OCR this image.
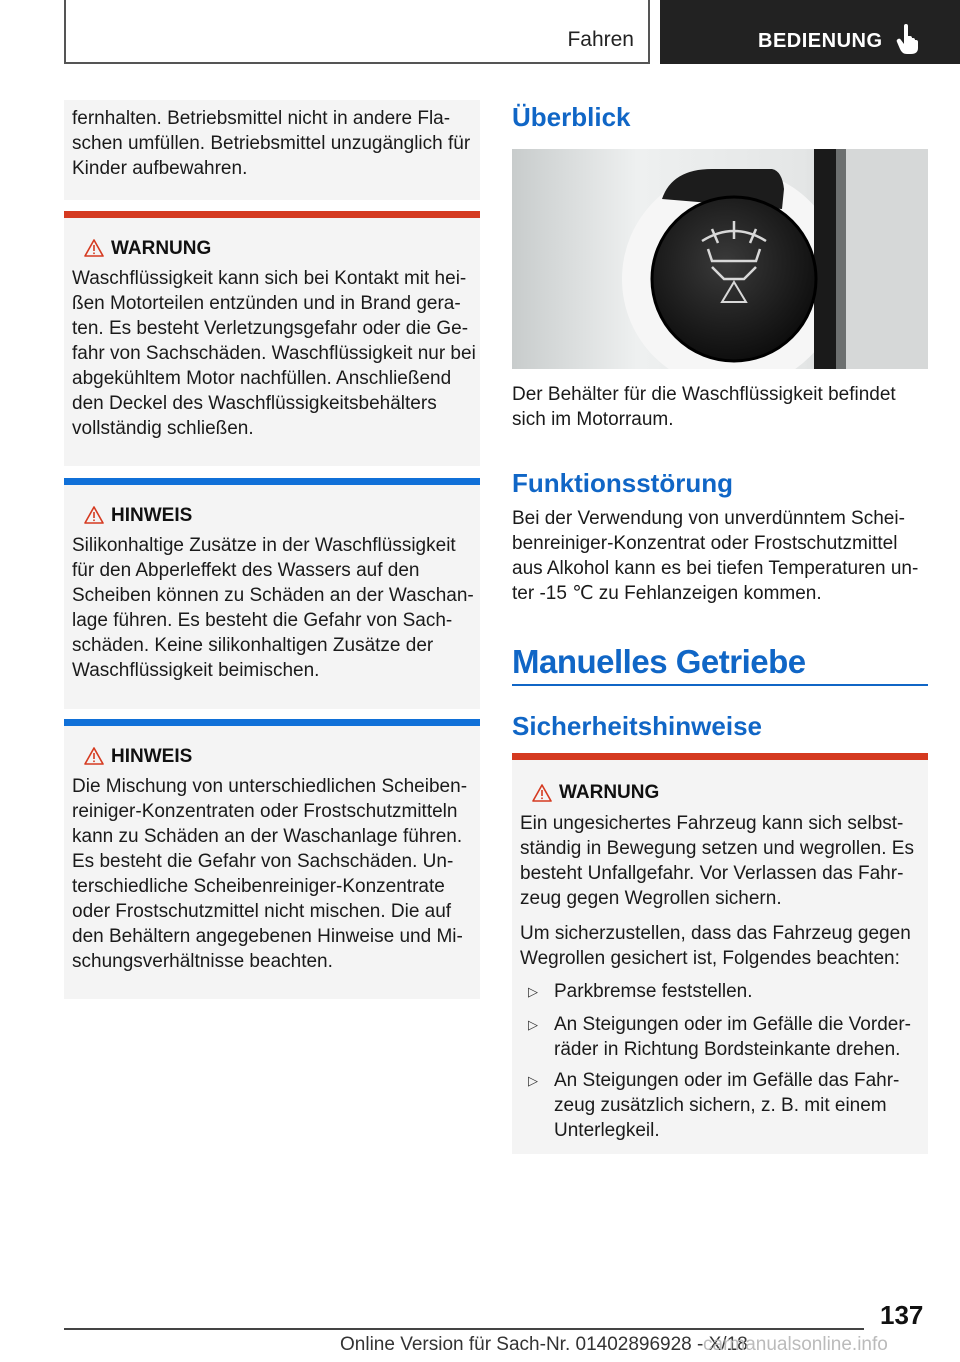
Fahren	BEDIENUNG
fernhalten. Betriebsmittel nicht in andere Flaschen umfüllen. Betriebsmittel unzugänglich für Kinder aufbewahren.
WARNUNG
Waschflüssigkeit kann sich bei Kontakt mit heißen Motorteilen entzünden und in Brand geraten. Es besteht Verletzungsgefahr oder die Gefahr von Sachschäden. Waschflüssigkeit nur bei abgekühltem Motor nachfüllen. Anschließend den Deckel des Waschflüssigkeitsbehälters vollständig schließen.
HINWEIS
Silikonhaltige Zusätze in der Waschflüssigkeit für den Abperleffekt des Wassers auf den Scheiben können zu Schäden an der Waschanlage führen. Es besteht die Gefahr von Sachschäden. Keine silikonhaltigen Zusätze der Waschflüssigkeit beimischen.
HINWEIS
Die Mischung von unterschiedlichen Scheibenreiniger-Konzentraten oder Frostschutzmitteln kann zu Schäden an der Waschanlage führen. Es besteht die Gefahr von Sachschäden. Unterschiedliche Scheibenreiniger-Konzentrate oder Frostschutzmittel nicht mischen. Die auf den Behältern angegebenen Hinweise und Mischungsverhältnisse beachten.
Überblick
Der Behälter für die Waschflüssigkeit befindet sich im Motorraum.
Funktionsstörung
Bei der Verwendung von unverdünntem Scheibenreiniger-Konzentrat oder Frostschutzmittel aus Alkohol kann es bei tiefen Temperaturen unter -15 ℃ zu Fehlanzeigen kommen.
Manuelles Getriebe
Sicherheitshinweise
WARNUNG
Ein ungesichertes Fahrzeug kann sich selbstständig in Bewegung setzen und wegrollen. Es besteht Unfallgefahr. Vor Verlassen das Fahrzeug gegen Wegrollen sichern.
Um sicherzustellen, dass das Fahrzeug gegen Wegrollen gesichert ist, Folgendes beachten:
▷ Parkbremse feststellen.
▷ An Steigungen oder im Gefälle die Vorderräder in Richtung Bordsteinkante drehen.
▷ An Steigungen oder im Gefälle das Fahrzeug zusätzlich sichern, z. B. mit einem Unterlegkeil.
137
Online Version für Sach-Nr. 01402896928 - X/18
carmanualsonline.info
